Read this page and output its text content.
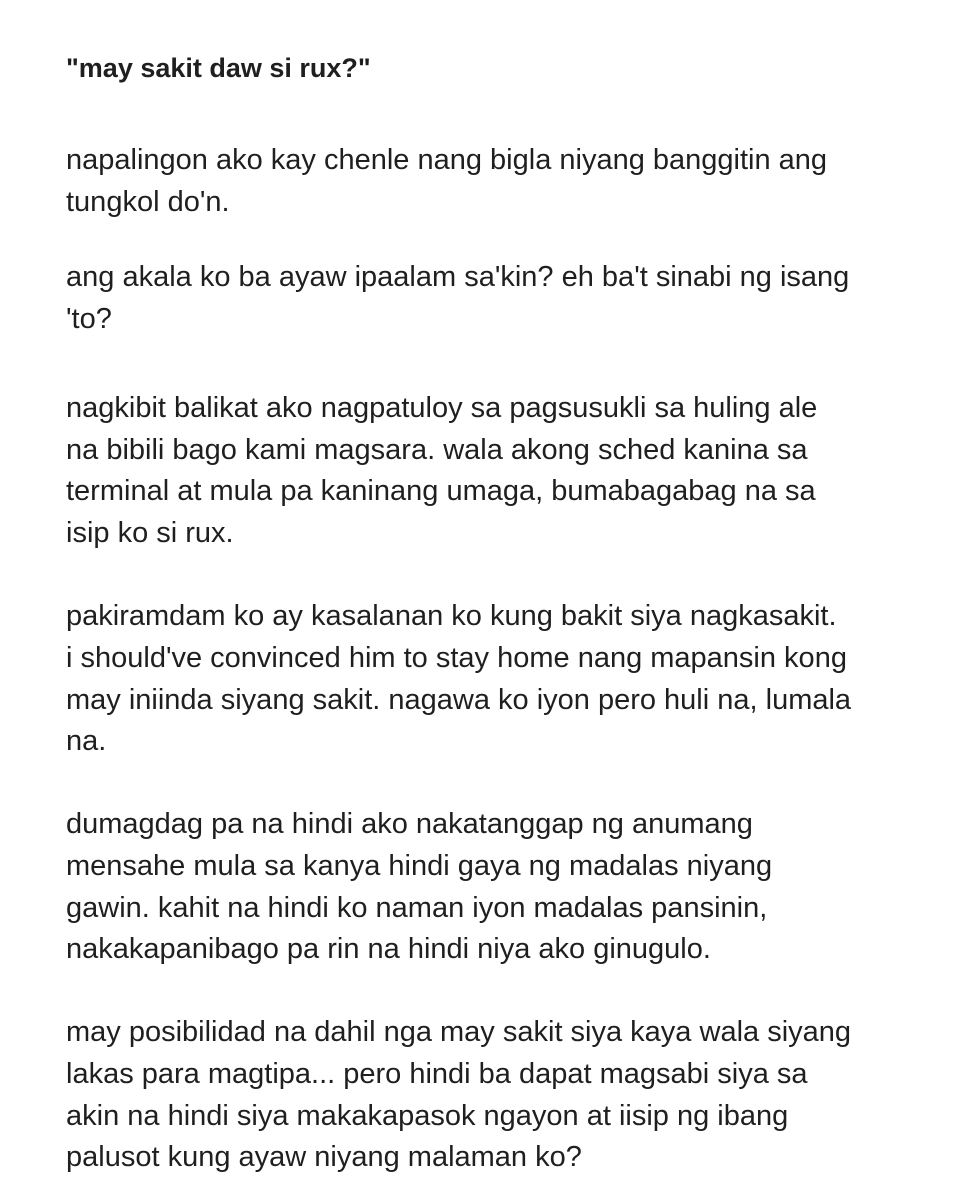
"may sakit daw si rux?"
napalingon ako kay chenle nang bigla niyang banggitin ang
tungkol do'n.
ang akala ko ba ayaw ipaalam sa'kin? eh ba't sinabi ng isang
'to?
nagkibit balikat ako nagpatuloy sa pagsusukli sa huling ale
na bibili bago kami magsara. wala akong sched kanina sa
terminal at mula pa kaninang umaga, bumabagabag na sa
isip ko si rux.
pakiramdam ko ay kasalanan ko kung bakit siya nagkasakit.
i should've convinced him to stay home nang mapansin kong
may iniinda siyang sakit. nagawa ko iyon pero huli na, lumala
na.
dumagdag pa na hindi ako nakatanggap ng anumang
mensahe mula sa kanya hindi gaya ng madalas niyang
gawin. kahit na hindi ko naman iyon madalas pansinin,
nakakapanibago pa rin na hindi niya ako ginugulo.
may posibilidad na dahil nga may sakit siya kaya wala siyang
lakas para magtipa... pero hindi ba dapat magsabi siya sa
akin na hindi siya makakapasok ngayon at iisip ng ibang
palusot kung ayaw niyang malaman ko?
